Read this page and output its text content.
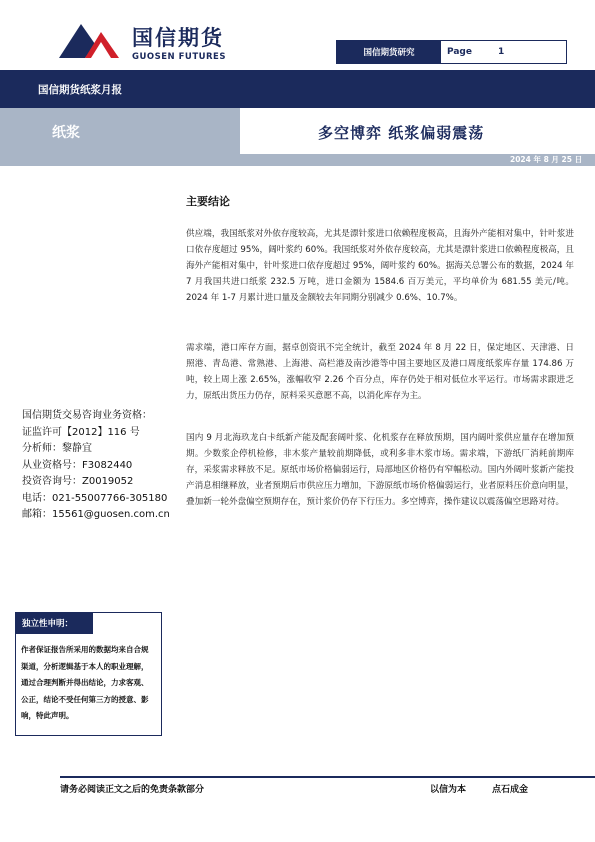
国信期货
GUOSEN FUTURES	国信期货研究	Page	1
国信期货纸浆月报
纸浆	多空博弈 纸浆偏弱震荡
2024 年 8 月 25 日
主要结论

供应端，我国纸浆对外依存度较高，尤其是漂针浆进口依赖程度极高，且海外产能相对集中，针叶浆进口依存度超过 95%，阔叶浆约 60%。我国纸浆对外依存度较高，尤其是漂针浆进口依赖程度极高，且海外产能相对集中，针叶浆进口依存度超过 95%，阔叶浆约 60%。据海关总署公布的数据，2024 年 7 月我国共进口纸浆 232.5 万吨，进口金额为 1584.6 百万美元，平均单价为 681.55 美元/吨。2024 年 1-7 月累计进口量及金额较去年同期分别减少 0.6%、10.7%。

需求端，港口库存方面，据卓创资讯不完全统计，截至 2024 年 8 月 22 日，保定地区、天津港、日照港、青岛港、常熟港、上海港、高栏港及南沙港等中国主要地区及港口周度纸浆库存量 174.86 万吨，较上周上涨 2.65%，涨幅收窄 2.26 个百分点，库存仍处于相对低位水平运行。市场需求跟进乏力，原纸出货压力仍存，原料采买意愿不高，以消化库存为主。

国内 9 月北海玖龙白卡纸新产能及配套阔叶浆、化机浆存在释放预期，国内阔叶浆供应量存在增加预期。少数浆企停机检修，非木浆产量较前期降低，或利多非木浆市场。需求端，下游纸厂消耗前期库存，采浆需求释放不足。原纸市场价格偏弱运行，局部地区价格仍有窄幅松动。国内外阔叶浆新产能投产消息相继释放，业者预期后市供应压力增加，下游原纸市场价格偏弱运行，业者原料压价意向明显，叠加新一轮外盘偏空预期存在，预计浆价仍存下行压力。多空博弈，操作建议以震荡偏空思路对待。

国信期货交易咨询业务资格：
证监许可【2012】116 号
分析师：黎静宜
从业资格号：F3082440
投资咨询号：Z0019052
电话：021-55007766-305180
邮箱：15561@guosen.com.cn
独立性申明：

作者保证报告所采用的数据均来自合规渠道，分析逻辑基于本人的职业理解，通过合理判断并得出结论，力求客观、公正，结论不受任何第三方的授意、影响，特此声明。

请务必阅读正文之后的免责条款部分	以信为本	点石成金
